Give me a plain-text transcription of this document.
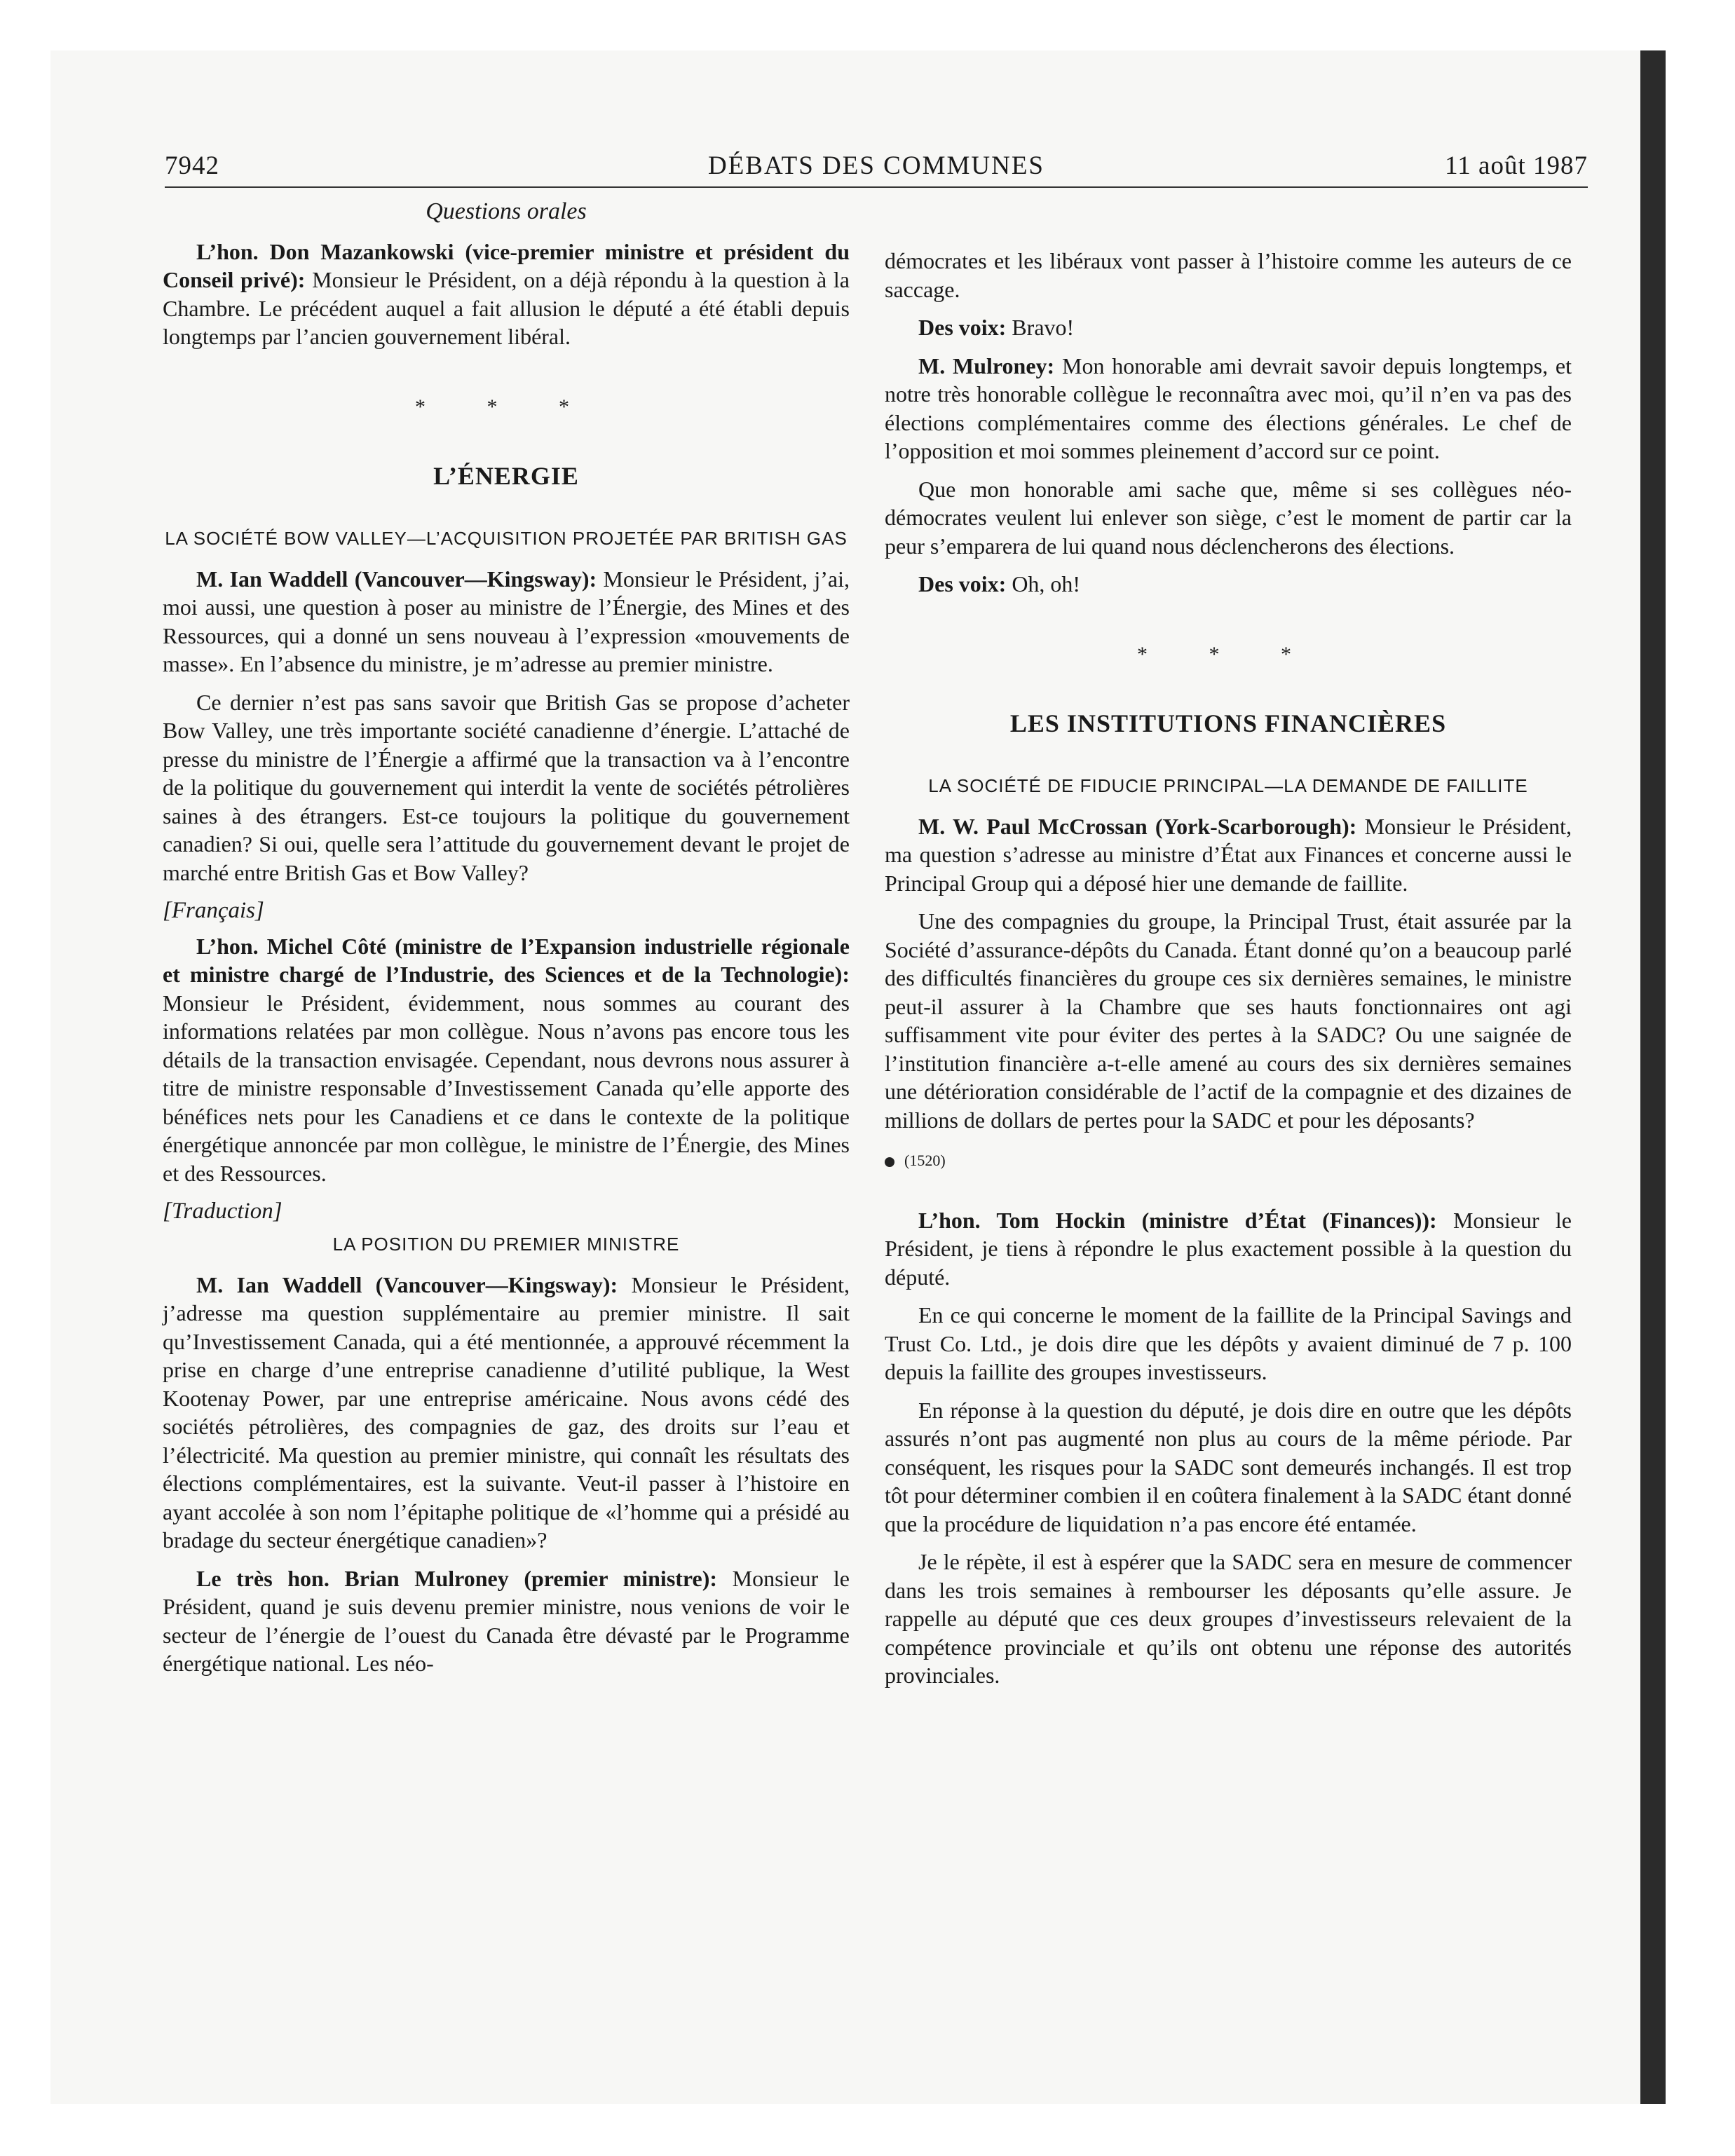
7942	DÉBATS DES COMMUNES	11 août 1987
Questions orales

L’hon. Don Mazankowski (vice-premier ministre et président du Conseil privé): Monsieur le Président, on a déjà répondu à la question à la Chambre. Le précédent auquel a fait allusion le député a été établi depuis longtemps par l’ancien gouvernement libéral.

* * *
L’ÉNERGIE
LA SOCIÉTÉ BOW VALLEY—L’ACQUISITION PROJETÉE PAR BRITISH GAS

M. Ian Waddell (Vancouver—Kingsway): Monsieur le Président, j’ai, moi aussi, une question à poser au ministre de l’Énergie, des Mines et des Ressources, qui a donné un sens nouveau à l’expression «mouvements de masse». En l’absence du ministre, je m’adresse au premier ministre.

Ce dernier n’est pas sans savoir que British Gas se propose d’acheter Bow Valley, une très importante société canadienne d’énergie. L’attaché de presse du ministre de l’Énergie a affirmé que la transaction va à l’encontre de la politique du gouvernement qui interdit la vente de sociétés pétrolières saines à des étrangers. Est-ce toujours la politique du gouvernement canadien? Si oui, quelle sera l’attitude du gouvernement devant le projet de marché entre British Gas et Bow Valley?

[Français]

L’hon. Michel Côté (ministre de l’Expansion industrielle régionale et ministre chargé de l’Industrie, des Sciences et de la Technologie): Monsieur le Président, évidemment, nous sommes au courant des informations relatées par mon collègue. Nous n’avons pas encore tous les détails de la transaction envisagée. Cependant, nous devrons nous assurer à titre de ministre responsable d’Investissement Canada qu’elle apporte des bénéfices nets pour les Canadiens et ce dans le contexte de la politique énergétique annoncée par mon collègue, le ministre de l’Énergie, des Mines et des Ressources.

[Traduction]
LA POSITION DU PREMIER MINISTRE

M. Ian Waddell (Vancouver—Kingsway): Monsieur le Président, j’adresse ma question supplémentaire au premier ministre. Il sait qu’Investissement Canada, qui a été mentionnée, a approuvé récemment la prise en charge d’une entreprise canadienne d’utilité publique, la West Kootenay Power, par une entreprise américaine. Nous avons cédé des sociétés pétrolières, des compagnies de gaz, des droits sur l’eau et l’électricité. Ma question au premier ministre, qui connaît les résultats des élections complémentaires, est la suivante. Veut-il passer à l’histoire en ayant accolée à son nom l’épitaphe politique de «l’homme qui a présidé au bradage du secteur énergétique canadien»?

Le très hon. Brian Mulroney (premier ministre): Monsieur le Président, quand je suis devenu premier ministre, nous venions de voir le secteur de l’énergie de l’ouest du Canada être dévasté par le Programme énergétique national. Les néo-

démocrates et les libéraux vont passer à l’histoire comme les auteurs de ce saccage.

Des voix: Bravo!

M. Mulroney: Mon honorable ami devrait savoir depuis longtemps, et notre très honorable collègue le reconnaîtra avec moi, qu’il n’en va pas des élections complémentaires comme des élections générales. Le chef de l’opposition et moi sommes pleinement d’accord sur ce point.

Que mon honorable ami sache que, même si ses collègues néo-démocrates veulent lui enlever son siège, c’est le moment de partir car la peur s’emparera de lui quand nous déclencherons des élections.

Des voix: Oh, oh!

* * *
LES INSTITUTIONS FINANCIÈRES
LA SOCIÉTÉ DE FIDUCIE PRINCIPAL—LA DEMANDE DE FAILLITE

M. W. Paul McCrossan (York-Scarborough): Monsieur le Président, ma question s’adresse au ministre d’État aux Finances et concerne aussi le Principal Group qui a déposé hier une demande de faillite.

Une des compagnies du groupe, la Principal Trust, était assurée par la Société d’assurance-dépôts du Canada. Étant donné qu’on a beaucoup parlé des difficultés financières du groupe ces six dernières semaines, le ministre peut-il assurer à la Chambre que ses hauts fonctionnaires ont agi suffisamment vite pour éviter des pertes à la SADC? Ou une saignée de l’institution financière a-t-elle amené au cours des six dernières semaines une détérioration considérable de l’actif de la compagnie et des dizaines de millions de dollars de pertes pour la SADC et pour les déposants?

(1520)

L’hon. Tom Hockin (ministre d’État (Finances)): Monsieur le Président, je tiens à répondre le plus exactement possible à la question du député.

En ce qui concerne le moment de la faillite de la Principal Savings and Trust Co. Ltd., je dois dire que les dépôts y avaient diminué de 7 p. 100 depuis la faillite des groupes investisseurs.

En réponse à la question du député, je dois dire en outre que les dépôts assurés n’ont pas augmenté non plus au cours de la même période. Par conséquent, les risques pour la SADC sont demeurés inchangés. Il est trop tôt pour déterminer combien il en coûtera finalement à la SADC étant donné que la procédure de liquidation n’a pas encore été entamée.

Je le répète, il est à espérer que la SADC sera en mesure de commencer dans les trois semaines à rembourser les déposants qu’elle assure. Je rappelle au député que ces deux groupes d’investisseurs relevaient de la compétence provinciale et qu’ils ont obtenu une réponse des autorités provinciales.
